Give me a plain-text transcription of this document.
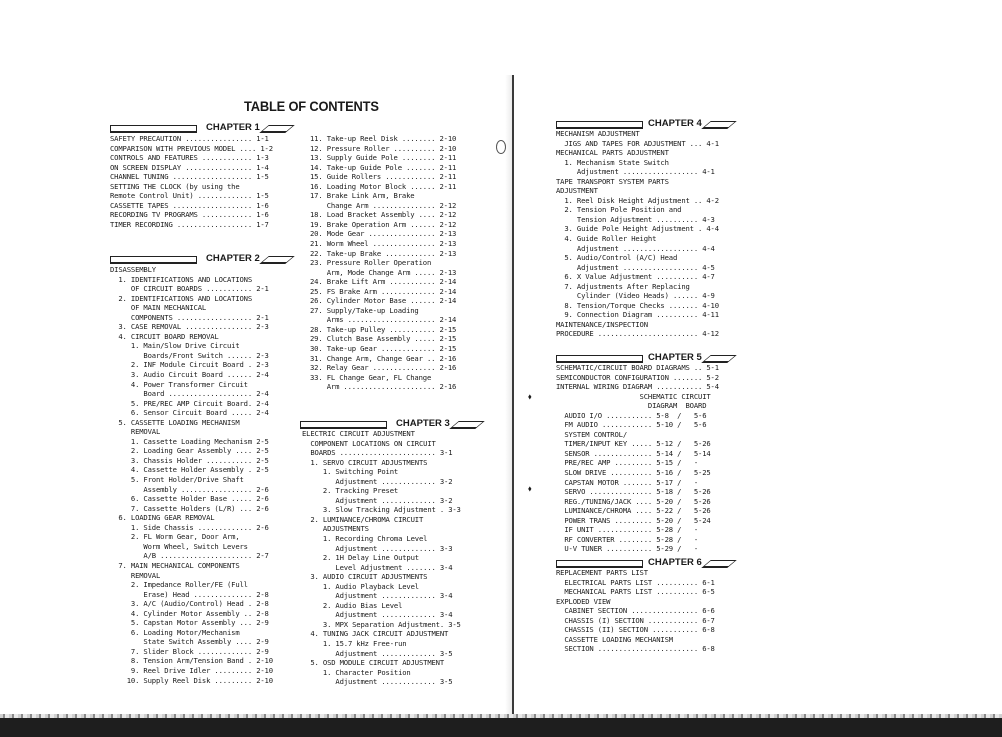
⬧
⬧
TABLE OF CONTENTS
CHAPTER 1
SAFETY PRECAUTION ................ 1-1
COMPARISON WITH PREVIOUS MODEL .... 1-2
CONTROLS AND FEATURES ............ 1-3
ON SCREEN DISPLAY ................ 1-4
CHANNEL TUNING ................... 1-5
SETTING THE CLOCK (by using the
Remote Control Unit) ............. 1-5
CASSETTE TAPES ................... 1-6
RECORDING TV PROGRAMS ............ 1-6
TIMER RECORDING .................. 1-7
CHAPTER 2
DISASSEMBLY
1. IDENTIFICATIONS AND LOCATIONS
OF CIRCUIT BOARDS ........... 2-1
2. IDENTIFICATIONS AND LOCATIONS
OF MAIN MECHANICAL
COMPONENTS .................. 2-1
3. CASE REMOVAL ................ 2-3
4. CIRCUIT BOARD REMOVAL
1. Main/Slow Drive Circuit
Boards/Front Switch ...... 2-3
2. INF Module Circuit Board . 2-3
3. Audio Circuit Board ...... 2-4
4. Power Transformer Circuit
Board .................... 2-4
5. PRE/REC AMP Circuit Board. 2-4
6. Sensor Circuit Board ..... 2-4
5. CASSETTE LOADING MECHANISM
REMOVAL
1. Cassette Loading Mechanism 2-5
2. Loading Gear Assembly .... 2-5
3. Chassis Holder ........... 2-5
4. Cassette Holder Assembly . 2-5
5. Front Holder/Drive Shaft
Assembly ................. 2-6
6. Cassette Holder Base ..... 2-6
7. Cassette Holders (L/R) ... 2-6
6. LOADING GEAR REMOVAL
1. Side Chassis ............. 2-6
2. FL Worm Gear, Door Arm,
Worm Wheel, Switch Levers
A/B ...................... 2-7
7. MAIN MECHANICAL COMPONENTS
REMOVAL
2. Impedance Roller/FE (Full
Erase) Head .............. 2-8
3. A/C (Audio/Control) Head . 2-8
4. Cylinder Motor Assembly .. 2-8
5. Capstan Motor Assembly ... 2-9
6. Loading Motor/Mechanism
State Switch Assembly .... 2-9
7. Slider Block ............. 2-9
8. Tension Arm/Tension Band . 2-10
9. Reel Drive Idler ......... 2-10
10. Supply Reel Disk ......... 2-10
11. Take-up Reel Disk ........ 2-10
12. Pressure Roller .......... 2-10
13. Supply Guide Pole ........ 2-11
14. Take-up Guide Pole ....... 2-11
15. Guide Rollers ............ 2-11
16. Loading Motor Block ...... 2-11
17. Brake Link Arm, Brake
Change Arm ............... 2-12
18. Load Bracket Assembly .... 2-12
19. Brake Operation Arm ...... 2-12
20. Mode Gear ................ 2-13
21. Worm Wheel ............... 2-13
22. Take-up Brake ............ 2-13
23. Pressure Roller Operation
Arm, Mode Change Arm ..... 2-13
24. Brake Lift Arm ........... 2-14
25. FS Brake Arm ............. 2-14
26. Cylinder Motor Base ...... 2-14
27. Supply/Take-up Loading
Arms ..................... 2-14
28. Take-up Pulley ........... 2-15
29. Clutch Base Assembly ..... 2-15
30. Take-up Gear ............. 2-15
31. Change Arm, Change Gear .. 2-16
32. Relay Gear ............... 2-16
33. FL Change Gear, FL Change
Arm ...................... 2-16
CHAPTER 3
ELECTRIC CIRCUIT ADJUSTMENT
COMPONENT LOCATIONS ON CIRCUIT
BOARDS ....................... 3-1
1. SERVO CIRCUIT ADJUSTMENTS
1. Switching Point
Adjustment ............. 3-2
2. Tracking Preset
Adjustment ............. 3-2
3. Slow Tracking Adjustment . 3-3
2. LUMINANCE/CHROMA CIRCUIT
ADJUSTMENTS
1. Recording Chroma Level
Adjustment ............. 3-3
2. 1H Delay Line Output
Level Adjustment ....... 3-4
3. AUDIO CIRCUIT ADJUSTMENTS
1. Audio Playback Level
Adjustment ............. 3-4
2. Audio Bias Level
Adjustment ............. 3-4
3. MPX Separation Adjustment. 3-5
4. TUNING JACK CIRCUIT ADJUSTMENT
1. 15.7 kHz Free-run
Adjustment ............. 3-5
5. OSD MODULE CIRCUIT ADJUSTMENT
1. Character Position
Adjustment ............. 3-5
CHAPTER 4
MECHANISM ADJUSTMENT
JIGS AND TAPES FOR ADJUSTMENT ... 4-1
MECHANICAL PARTS ADJUSTMENT
1. Mechanism State Switch
Adjustment .................. 4-1
TAPE TRANSPORT SYSTEM PARTS
ADJUSTMENT
1. Reel Disk Height Adjustment .. 4-2
2. Tension Pole Position and
Tension Adjustment .......... 4-3
3. Guide Pole Height Adjustment . 4-4
4. Guide Roller Height
Adjustment .................. 4-4
5. Audio/Control (A/C) Head
Adjustment .................. 4-5
6. X Value Adjustment .......... 4-7
7. Adjustments After Replacing
Cylinder (Video Heads) ...... 4-9
8. Tension/Torque Checks ....... 4-10
9. Connection Diagram .......... 4-11
MAINTENANCE/INSPECTION
PROCEDURE ........................ 4-12
CHAPTER 5
SCHEMATIC/CIRCUIT BOARD DIAGRAMS .. 5-1
SEMICONDUCTOR CONFIGURATION ....... 5-2
INTERNAL WIRING DIAGRAM ........... 5-4
SCHEMATIC CIRCUIT
DIAGRAM  BOARD
AUDIO I/O ........... 5-8  /   5-6
FM AUDIO ............ 5-10 /   5-6
SYSTEM CONTROL/
TIMER/INPUT KEY ..... 5-12 /   5-26
SENSOR .............. 5-14 /   5-14
PRE/REC AMP ......... 5-15 /   -
SLOW DRIVE .......... 5-16 /   5-25
CAPSTAN MOTOR ....... 5-17 /   -
SERVO ............... 5-18 /   5-26
REG./TUNING/JACK .... 5-20 /   5-26
LUMINANCE/CHROMA .... 5-22 /   5-26
POWER TRANS ......... 5-20 /   5-24
IF UNIT ............. 5-28 /   -
RF CONVERTER ........ 5-28 /   -
U-V TUNER ........... 5-29 /   -
CHAPTER 6
REPLACEMENT PARTS LIST
ELECTRICAL PARTS LIST .......... 6-1
MECHANICAL PARTS LIST .......... 6-5
EXPLODED VIEW
CABINET SECTION ................ 6-6
CHASSIS (I) SECTION ............ 6-7
CHASSIS (II) SECTION ........... 6-8
CASSETTE LOADING MECHANISM
SECTION ........................ 6-8
